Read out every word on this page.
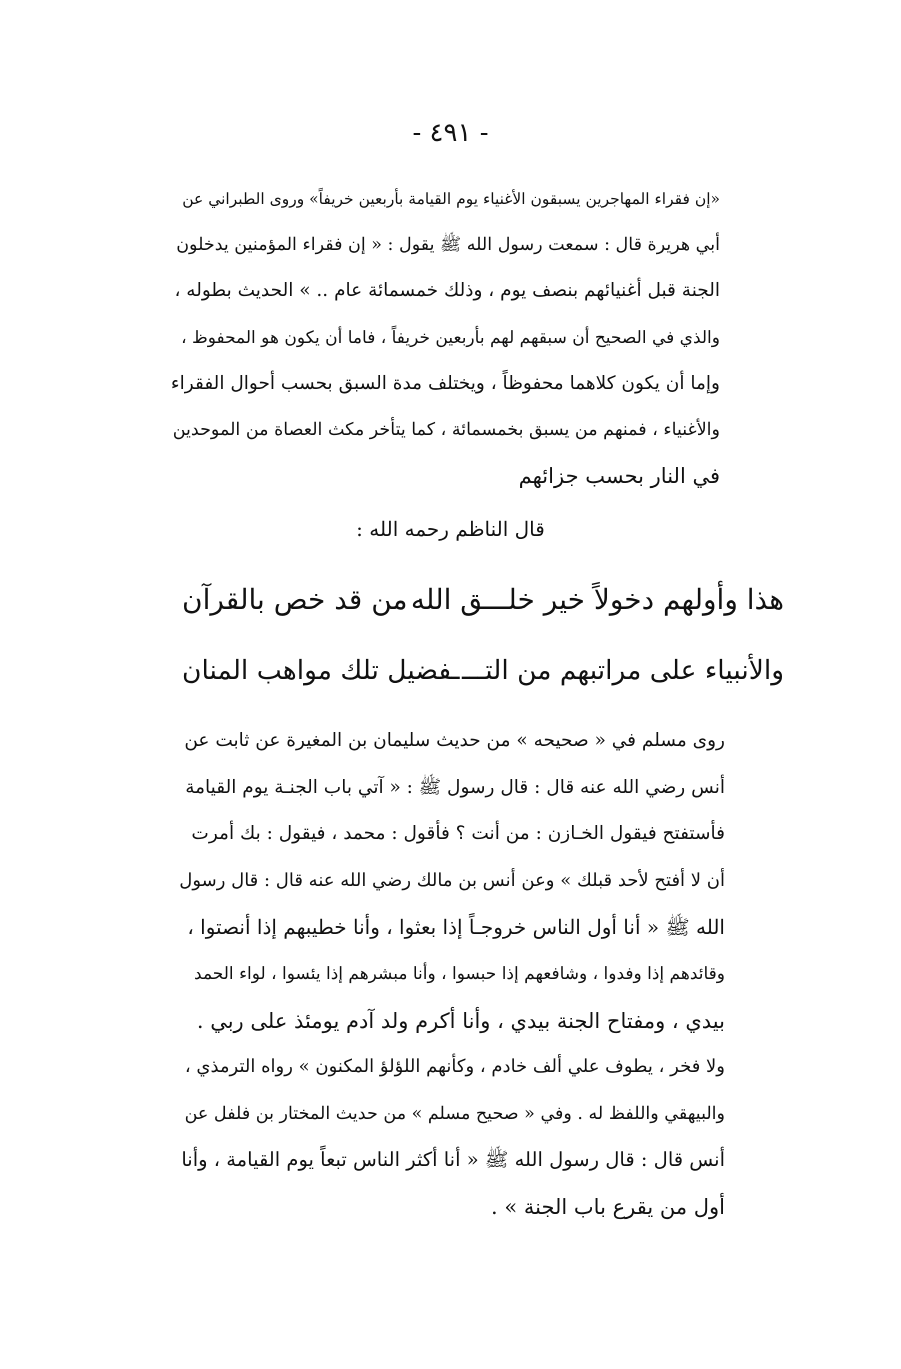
- ٤٩١ -
«إن فقراء المهاجرين يسبقون الأغنياء يوم القيامة بأربعين خريفاً» وروى الطبراني عن
أبي هريرة قال : سمعت رسول الله ﷺ يقول : « إن فقراء المؤمنين يدخلون
الجنة قبل أغنيائهم بنصف يوم ، وذلك خمسمائة عام .. » الحديث بطوله ،
والذي في الصحيح أن سبقهم لهم بأربعين خريفاً ، فاما أن يكون هو المحفوظ ،
وإما أن يكون كلاهما محفوظاً ، ويختلف مدة السبق بحسب أحوال الفقراء
والأغنياء ، فمنهم من يسبق بخمسمائة ، كما يتأخر مكث العصاة من الموحدين
في النار بحسب جزائهم
قال الناظم رحمه الله :
هذا وأولهم دخولاً خير خلـــق الله
من قد خص بالقرآن
والأنبياء على مراتبهم من التـــ
ـفضيل تلك مواهب المنان
روى مسلم في « صحيحه » من حديث سليمان بن المغيرة عن ثابت عن
أنس رضي الله عنه قال : قال رسول ﷺ : « آتي باب الجنـة يوم القيامة
فأستفتح فيقول الخـازن : من أنت ؟ فأقول : محمد ، فيقول : بك أمرت
أن لا أفتح لأحد قبلك » وعن أنس بن مالك رضي الله عنه قال : قال رسول
الله ﷺ « أنا أول الناس خروجـاً إذا بعثوا ، وأنا خطيبهم إذا أنصتوا ،
وقائدهم إذا وفدوا ، وشافعهم إذا حبسوا ، وأنا مبشرهم إذا يئسوا ، لواء الحمد
بيدي ، ومفتاح الجنة بيدي ، وأنا أكرم ولد آدم يومئذ على ربي .
ولا فخر ، يطوف علي ألف خادم ، وكأنهم اللؤلؤ المكنون » رواه الترمذي ،
والبيهقي واللفظ له . وفي « صحيح مسلم » من حديث المختار بن فلفل عن
أنس قال : قال رسول الله ﷺ « أنا أكثر الناس تبعاً يوم القيامة ، وأنا
أول من يقرع باب الجنة » .
